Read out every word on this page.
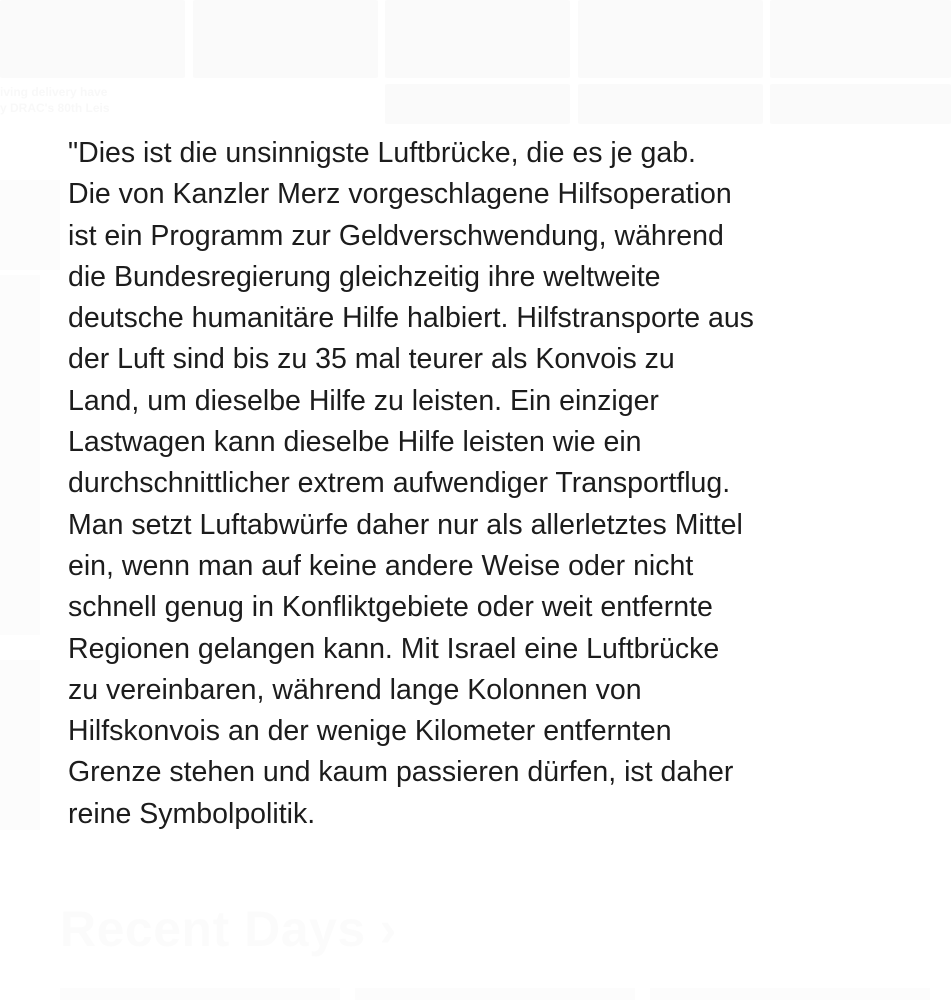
"Dies ist die unsinnigste Luftbrücke, die es je gab.
Die von Kanzler Merz vorgeschlagene Hilfsoperation
ist ein Programm zur Geldverschwendung, während
die Bundesregierung gleichzeitig ihre weltweite
deutsche humanitäre Hilfe halbiert. Hilfstransporte aus
der Luft sind bis zu 35 mal teurer als Konvois zu
Land, um dieselbe Hilfe zu leisten. Ein einziger
Lastwagen kann dieselbe Hilfe leisten wie ein
durchschnittlicher extrem aufwendiger Transportflug.
Man setzt Luftabwürfe daher nur als allerletztes Mittel
ein, wenn man auf keine andere Weise oder nicht
schnell genug in Konfliktgebiete oder weit entfernte
Regionen gelangen kann. Mit Israel eine Luftbrücke
zu vereinbaren, während lange Kolonnen von
Hilfskonvois an der wenige Kilometer entfernten
Grenze stehen und kaum passieren dürfen, ist daher
reine Symbolpolitik.
